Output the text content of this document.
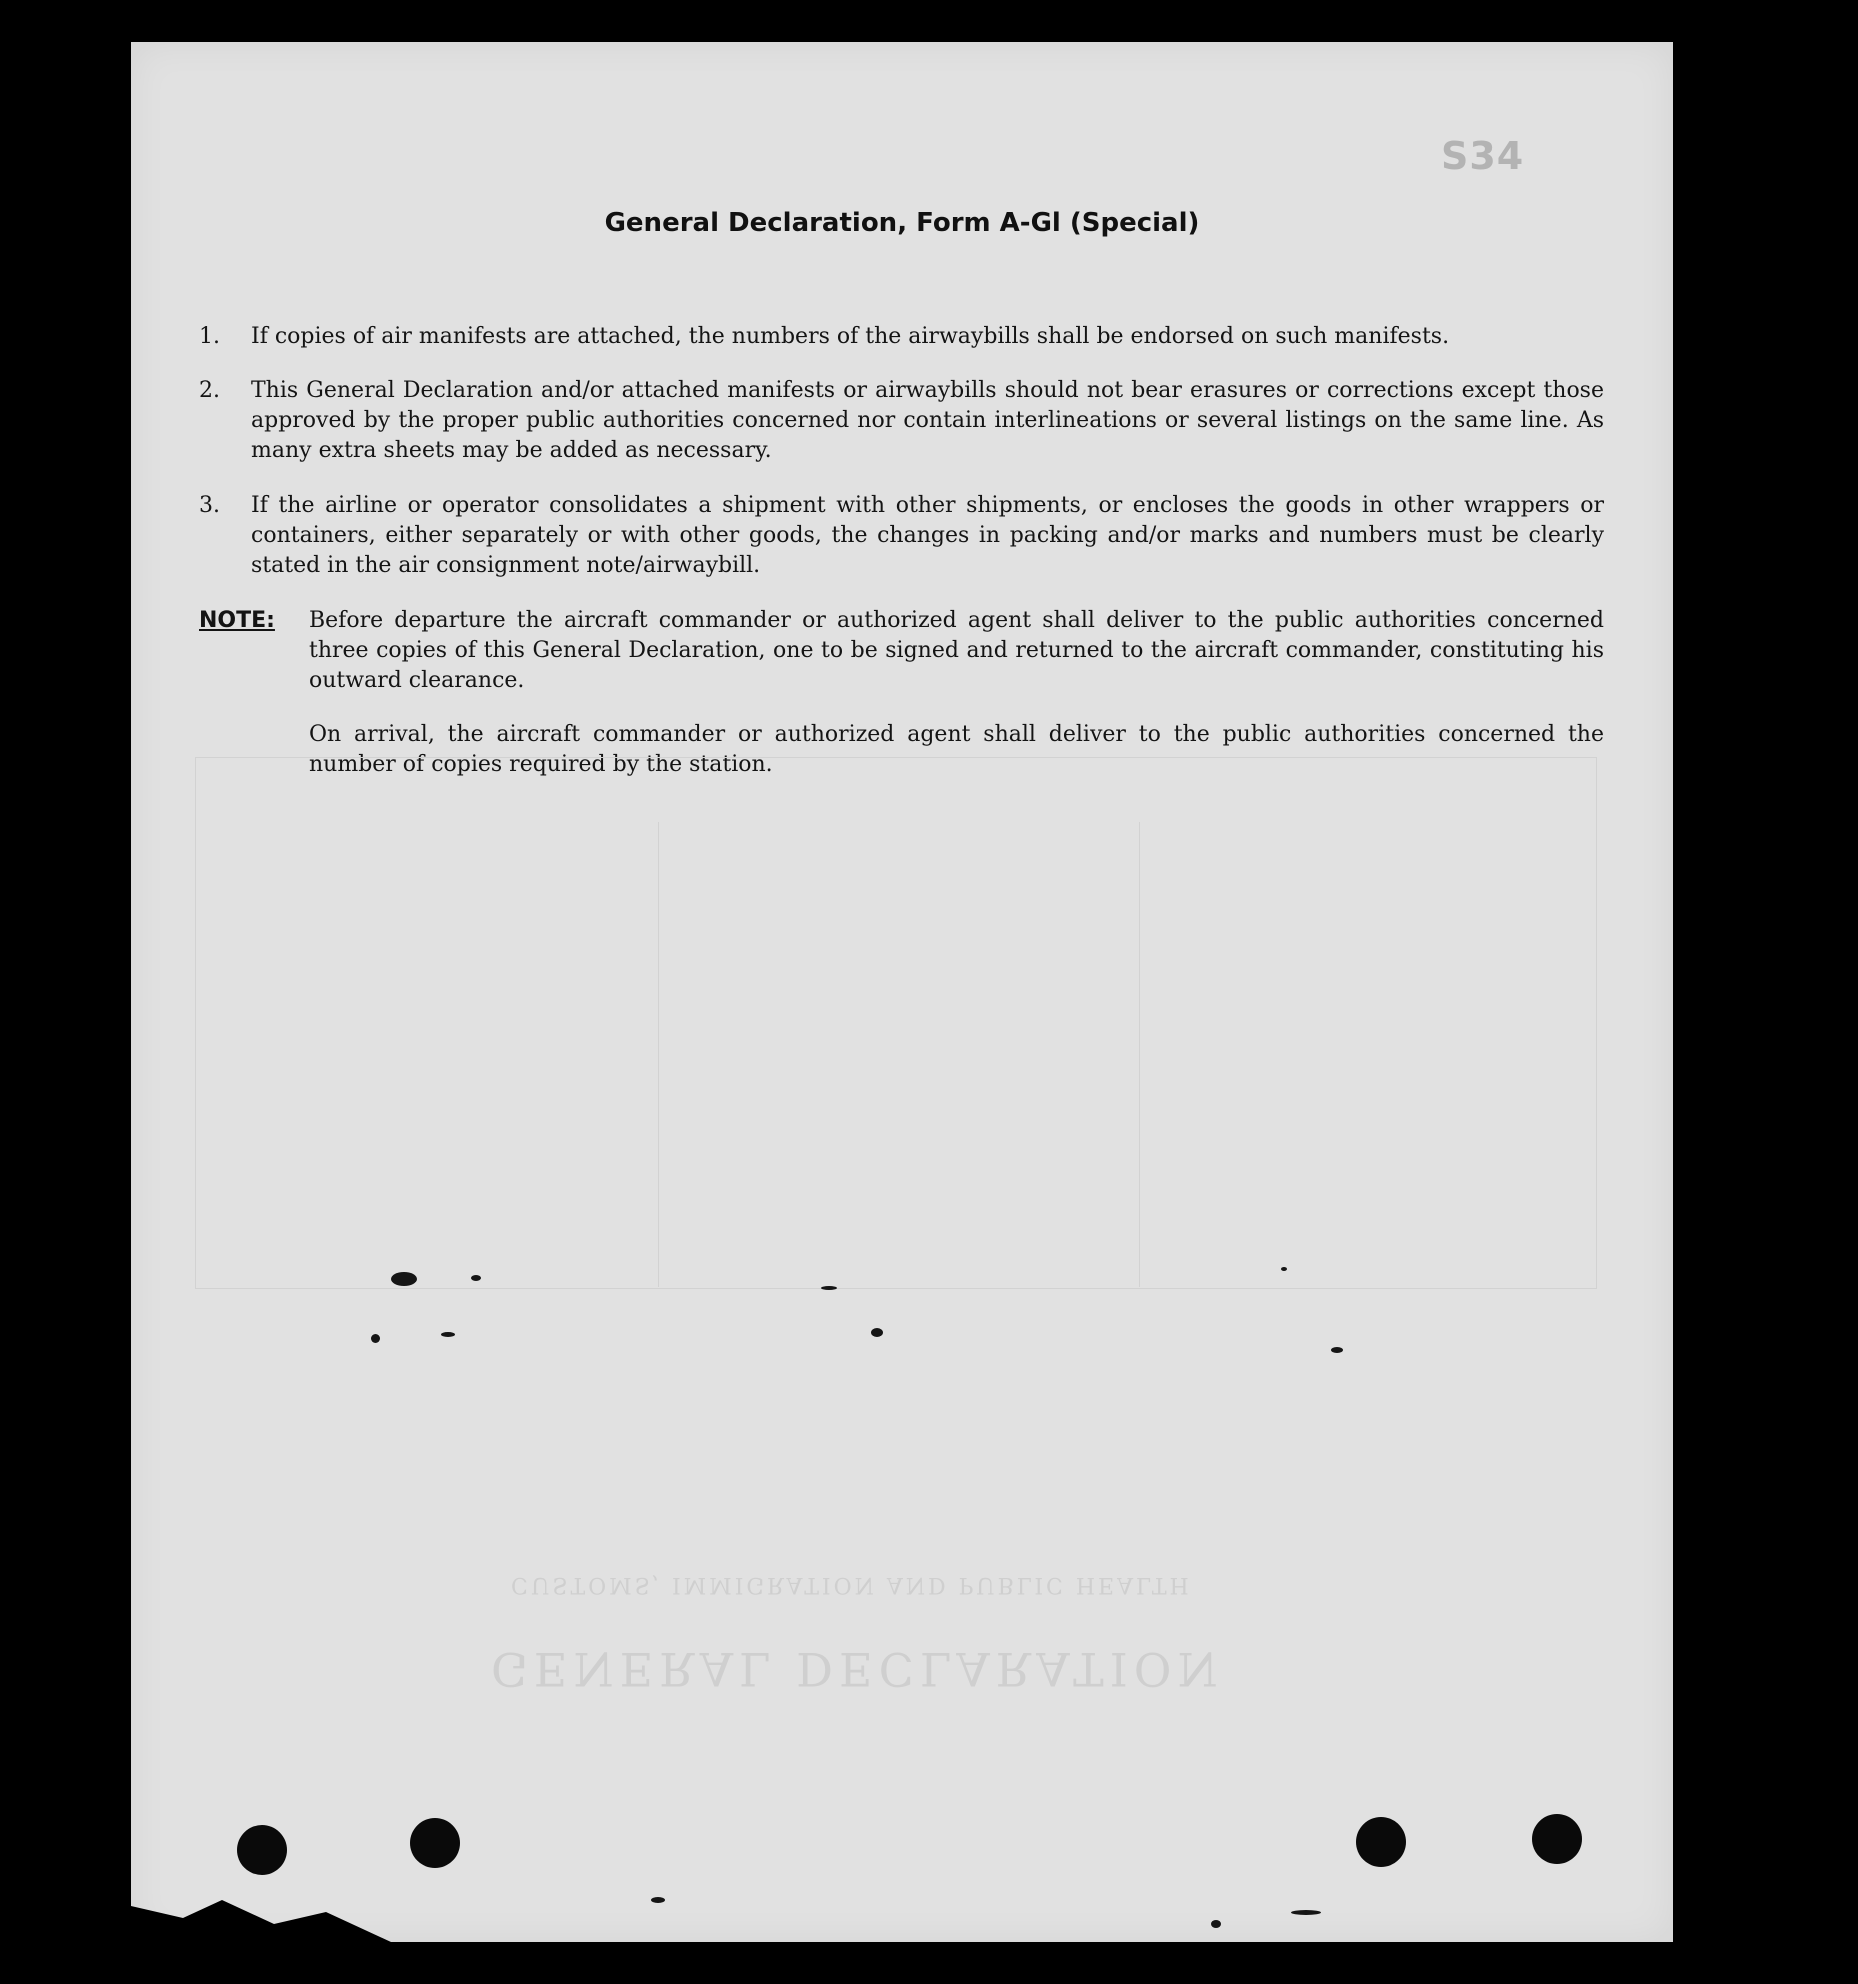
S34
General Declaration, Form A-Gl (Special)
1.	If copies of air manifests are attached, the numbers of the airwaybills shall be endorsed on such manifests.
2.	This General Declaration and/or attached manifests or airwaybills should not bear erasures or corrections except those approved by the proper public authorities concerned nor contain interlineations or several listings on the same line. As many extra sheets may be added as necessary.
3.	If the airline or operator consolidates a shipment with other shipments, or encloses the goods in other wrappers or containers, either separately or with other goods, the changes in packing and/or marks and numbers must be clearly stated in the air consignment note/airwaybill.
NOTE: Before departure the aircraft commander or authorized agent shall deliver to the public authorities concerned three copies of this General Declaration, one to be signed and returned to the aircraft commander, constituting his outward clearance.
On arrival, the aircraft commander or authorized agent shall deliver to the public authorities concerned the number of copies required by the station.
GENERAL DECLARATION
CUSTOMS, IMMIGRATION AND PUBLIC HEALTH
